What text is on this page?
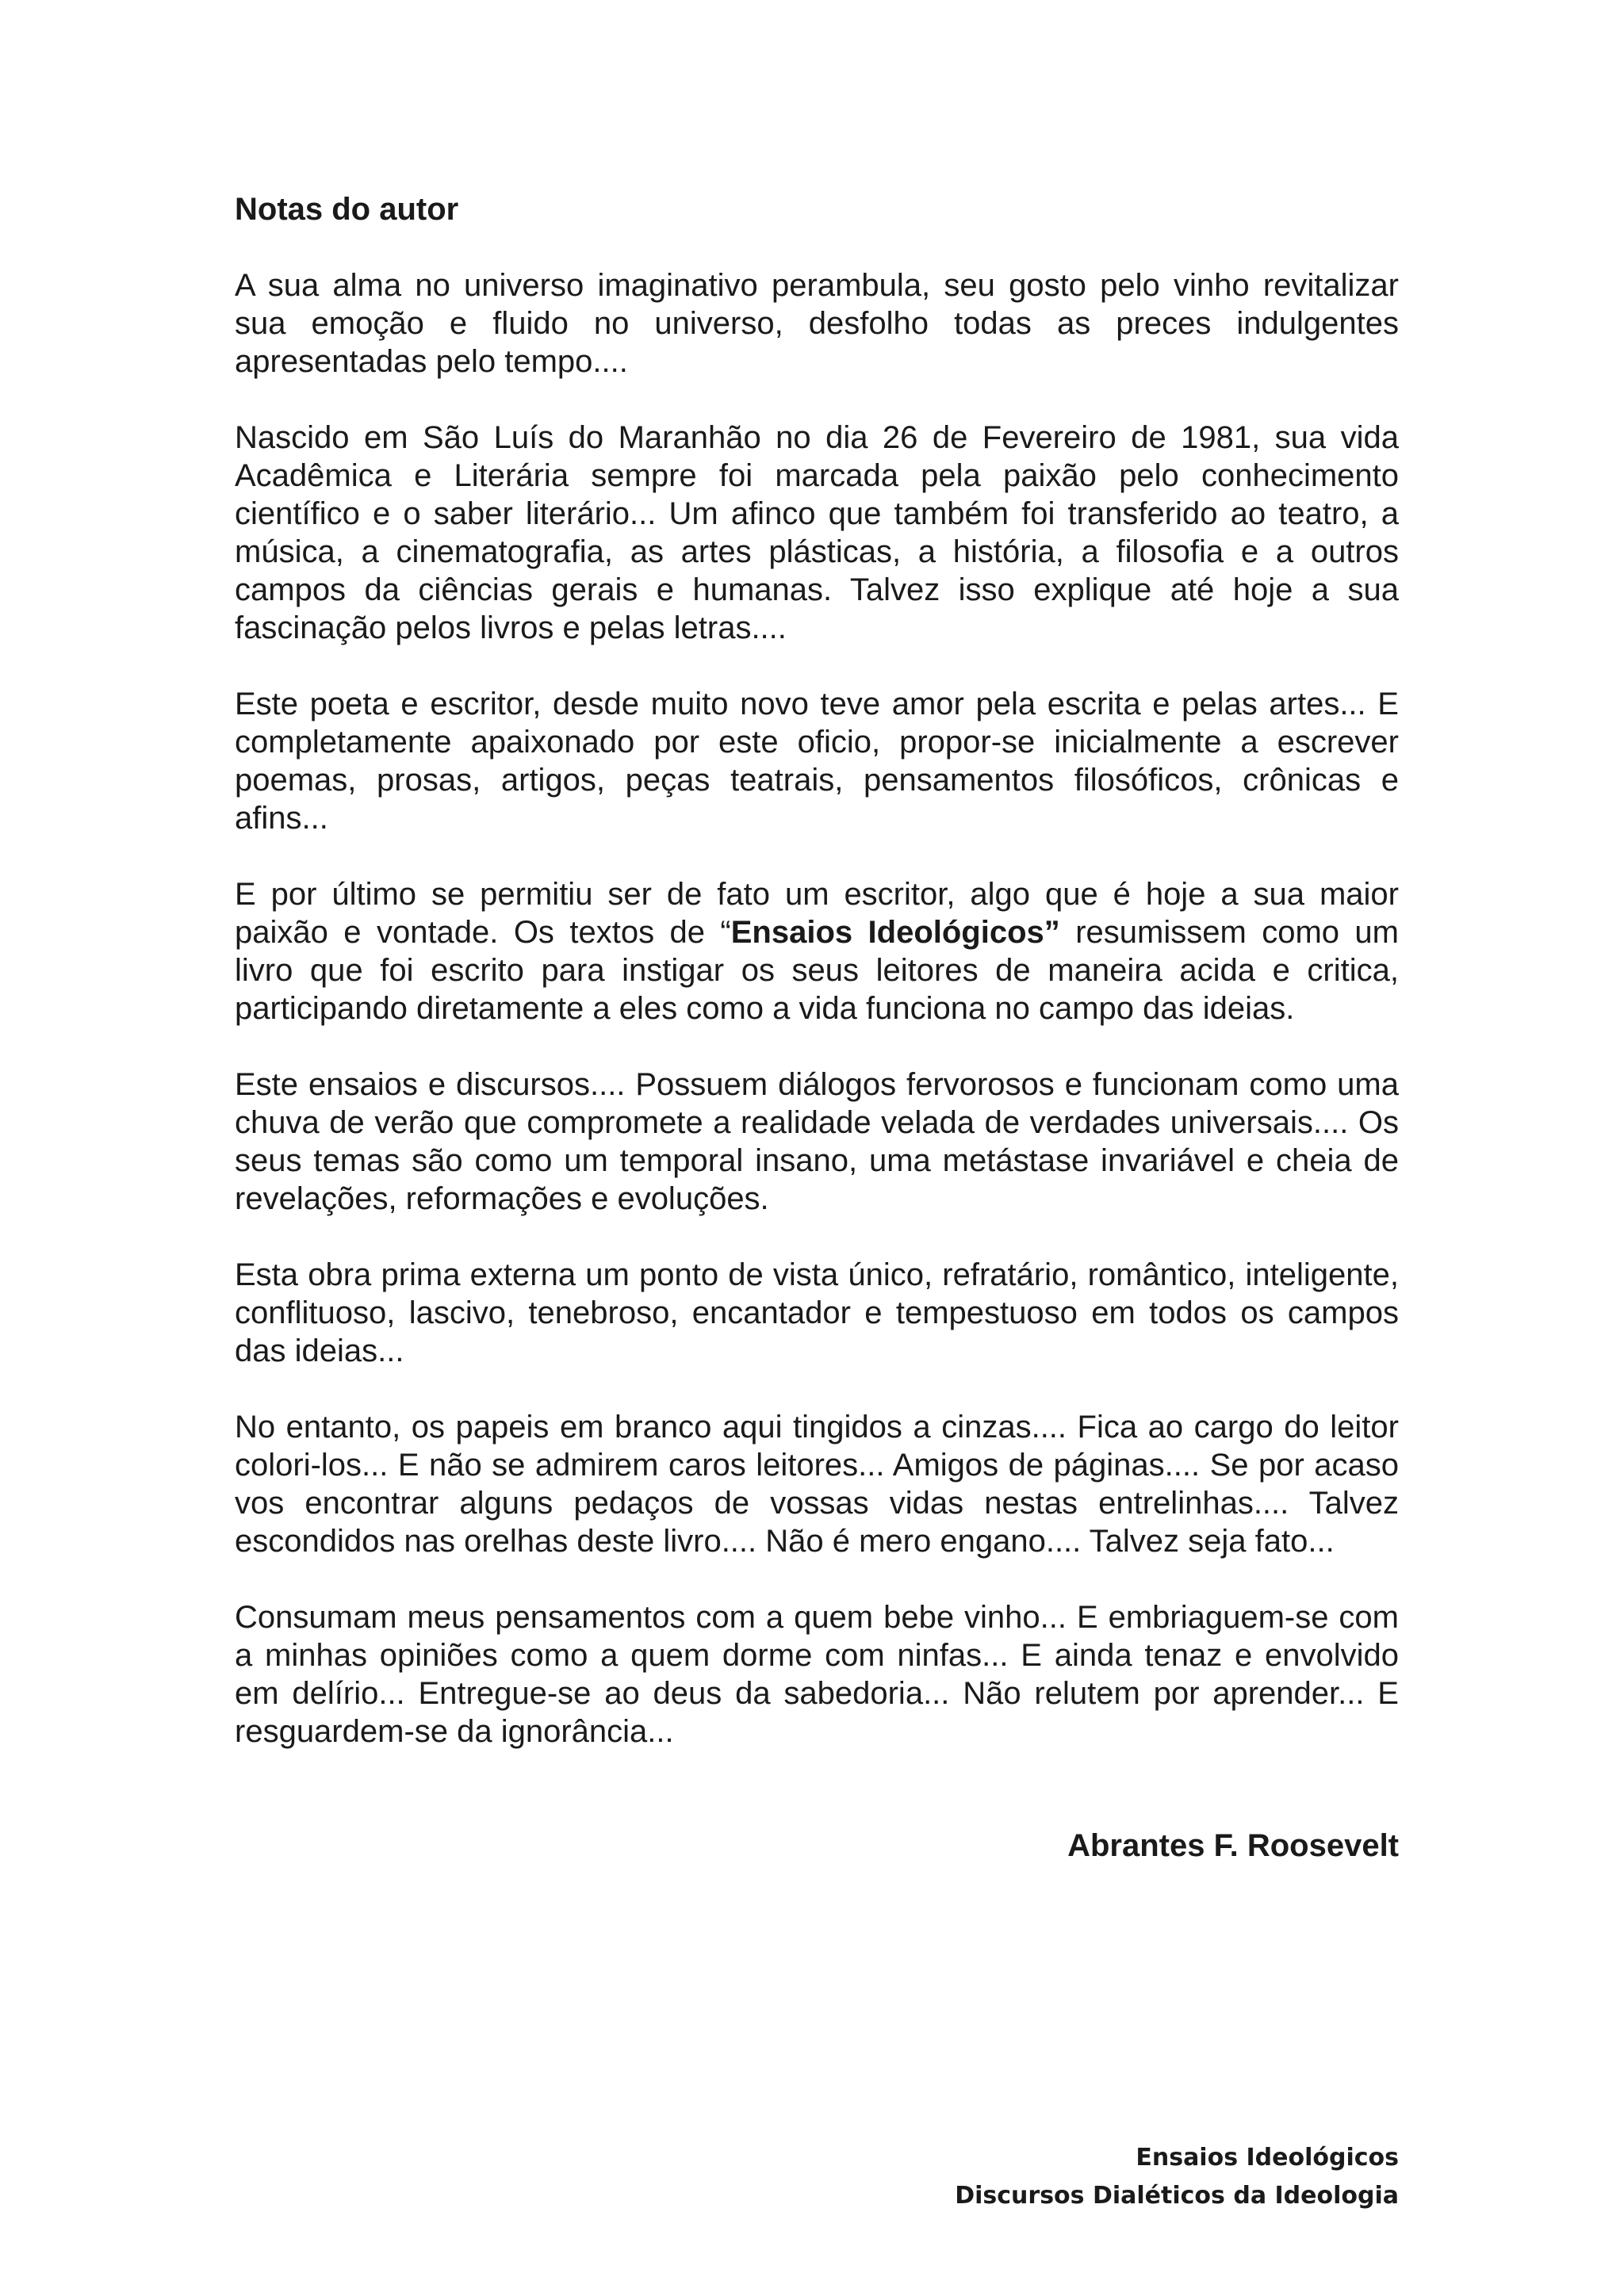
Notas do autor

A sua alma no universo imaginativo perambula, seu gosto pelo vinho revitalizar sua emoção e fluido no universo, desfolho todas as preces indulgentes apresentadas pelo tempo....

Nascido em São Luís do Maranhão no dia 26 de Fevereiro de 1981, sua vida Acadêmica e Literária sempre foi marcada pela paixão pelo conhecimento científico e o saber literário... Um afinco que também foi transferido ao teatro, a música, a cinematografia, as artes plásticas, a história, a filosofia e a outros campos da ciências gerais e humanas. Talvez isso explique até hoje a sua fascinação pelos livros e pelas letras....

Este poeta e escritor, desde muito novo teve amor pela escrita e pelas artes... E completamente apaixonado por este oficio, propor-se inicialmente a escrever poemas, prosas, artigos, peças teatrais, pensamentos filosóficos, crônicas e afins...

E por último se permitiu ser de fato um escritor, algo que é hoje a sua maior paixão e vontade. Os textos de “Ensaios Ideológicos” resumissem como um livro que foi escrito para instigar os seus leitores de maneira acida e critica, participando diretamente a eles como a vida funciona no campo das ideias.

Este ensaios e discursos.... Possuem diálogos fervorosos e funcionam como uma chuva de verão que compromete a realidade velada de verdades universais.... Os seus temas são como um temporal insano, uma metástase invariável e cheia de revelações, reformações e evoluções.

Esta obra prima externa um ponto de vista único, refratário, romântico, inteligente, conflituoso, lascivo, tenebroso, encantador e tempestuoso em todos os campos das ideias...

No entanto, os papeis em branco aqui tingidos a cinzas.... Fica ao cargo do leitor colori-los... E não se admirem caros leitores... Amigos de páginas.... Se por acaso vos encontrar alguns pedaços de vossas vidas nestas entrelinhas.... Talvez escondidos nas orelhas deste livro.... Não é mero engano.... Talvez seja fato...

Consumam meus pensamentos com a quem bebe vinho... E embriaguem-se com a minhas opiniões como a quem dorme com ninfas... E ainda tenaz e envolvido em delírio... Entregue-se ao deus da sabedoria... Não relutem por aprender... E resguardem-se da ignorância...

Abrantes F. Roosevelt
Ensaios Ideológicos
Discursos Dialéticos da Ideologia
